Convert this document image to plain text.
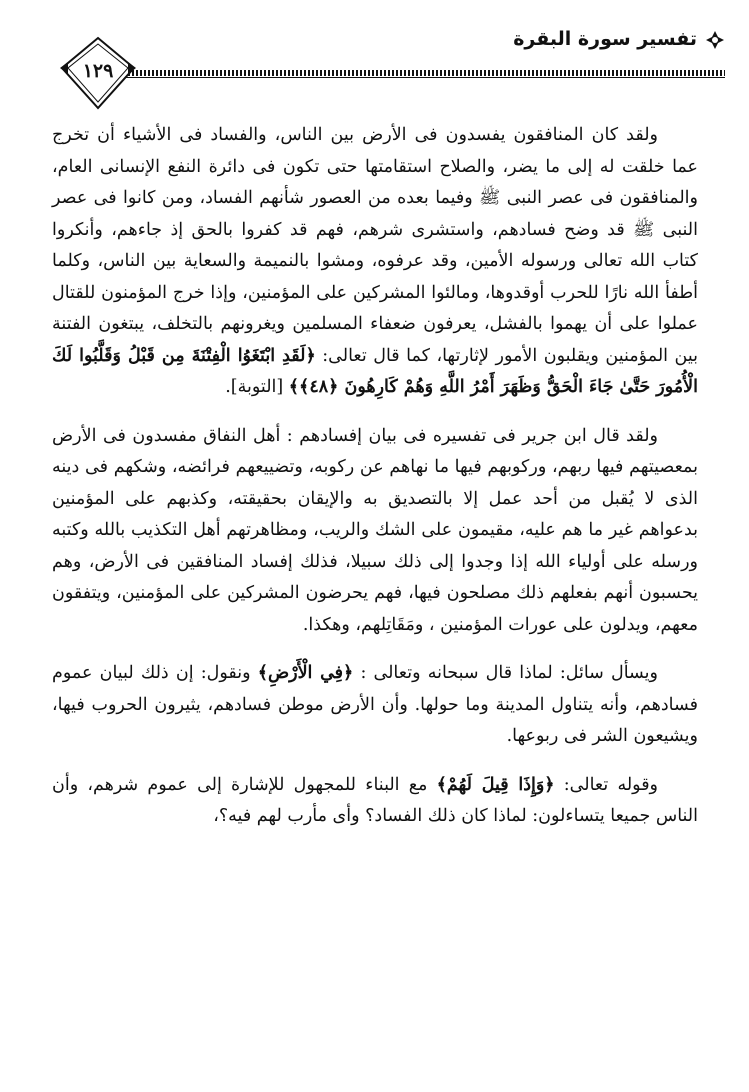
تفسير سورة البقرة
١٢٩

ولقد كان المنافقون يفسدون فى الأرض بين الناس، والفساد فى الأشياء أن تخرج عما خلقت له إلى ما يضر، والصلاح استقامتها حتى تكون فى دائرة النفع الإنسانى العام، والمنافقون فى عصر النبى ﷺ وفيما بعده من العصور شأنهم الفساد، ومن كانوا فى عصر النبى ﷺ قد وضح فسادهم، واستشرى شرهم، فهم قد كفروا بالحق إذ جاءهم، وأنكروا كتاب الله تعالى ورسوله الأمين، وقد عرفوه، ومشوا بالنميمة والسعاية بين الناس، وكلما أطفأ الله نارًا للحرب أوقدوها، ومالئوا المشركين على المؤمنين، وإذا خرج المؤمنون للقتال عملوا على أن يهموا بالفشل، يعرفون ضعفاء المسلمين ويغرونهم بالتخلف، يبتغون الفتنة بين المؤمنين ويقلبون الأمور لإثارتها، كما قال تعالى: ﴿لَقَدِ ابْتَغَوُا الْفِتْنَةَ مِن قَبْلُ وَقَلَّبُوا لَكَ الْأُمُورَ حَتَّىٰ جَاءَ الْحَقُّ وَظَهَرَ أَمْرُ اللَّهِ وَهُمْ كَارِهُونَ ﴿٤٨﴾﴾ [التوبة].

ولقد قال ابن جرير فى تفسيره فى بيان إفسادهم : أهل النفاق مفسدون فى الأرض بمعصيتهم فيها ربهم، وركوبهم فيها ما نهاهم عن ركوبه، وتضييعهم فرائضه، وشكهم فى دينه الذى لا يُقبل من أحد عمل إلا بالتصديق به والإيقان بحقيقته، وكذبهم على المؤمنين بدعواهم غير ما هم عليه، مقيمون على الشك والريب، ومظاهرتهم أهل التكذيب بالله وكتبه ورسله على أولياء الله إذا وجدوا إلى ذلك سبيلا، فذلك إفساد المنافقين فى الأرض، وهم يحسبون أنهم بفعلهم ذلك مصلحون فيها، فهم يحرضون المشركين على المؤمنين، ويتفقون معهم، ويدلون على عورات المؤمنين ، ومَقَاتِلهم، وهكذا.

ويسأل سائل: لماذا قال سبحانه وتعالى : ﴿فِي الْأَرْضِ﴾ ونقول: إن ذلك لبيان عموم فسادهم، وأنه يتناول المدينة وما حولها. وأن الأرض موطن فسادهم، يثيرون الحروب فيها، ويشيعون الشر فى ربوعها.

وقوله تعالى: ﴿وَإِذَا قِيلَ لَهُمْ﴾ مع البناء للمجهول للإشارة إلى عموم شرهم، وأن الناس جميعا يتساءلون: لماذا كان ذلك الفساد؟ وأى مأرب لهم فيه؟،
